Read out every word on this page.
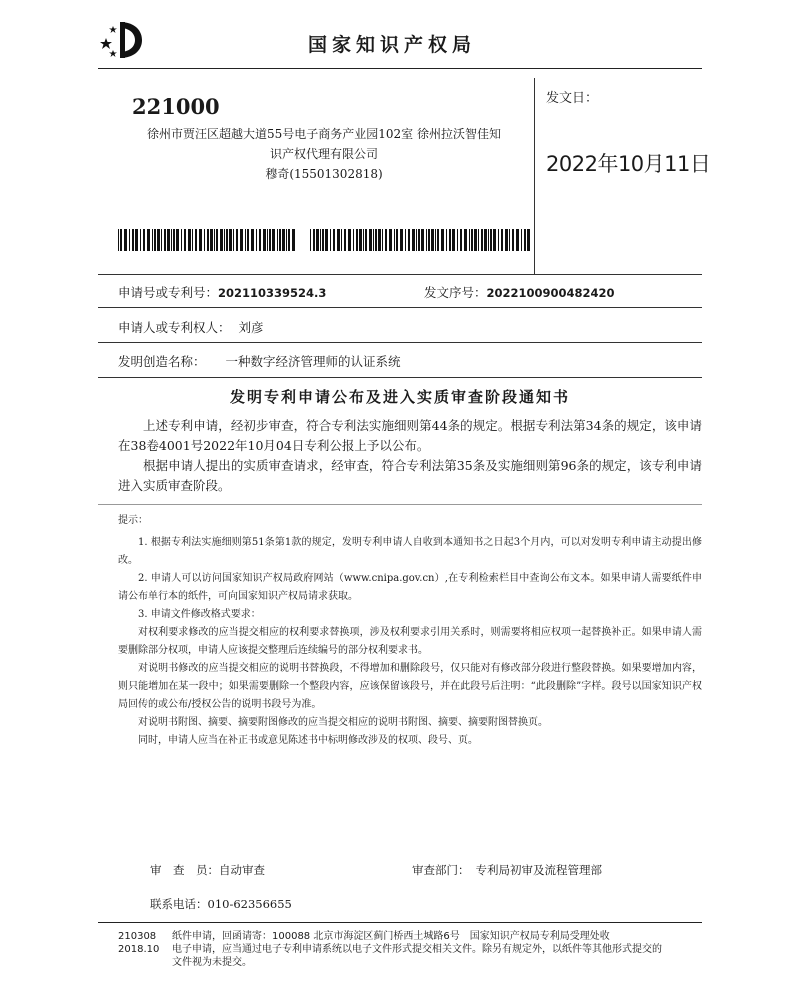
国家知识产权局
221000
徐州市贾汪区超越大道55号电子商务产业园102室 徐州拉沃智佳知
识产权代理有限公司
穆奇(15501302818)
发文日：
2022年10月11日
申请号或专利号：202110339524.3	发文序号：2022100900482420
申请人或专利权人： 刘彦
发明创造名称： 一种数字经济管理师的认证系统
发明专利申请公布及进入实质审查阶段通知书
上述专利申请，经初步审查，符合专利法实施细则第44条的规定。根据专利法第34条的规定，该申请在38卷4001号2022年10月04日专利公报上予以公布。
根据申请人提出的实质审查请求，经审查，符合专利法第35条及实施细则第96条的规定，该专利申请进入实质审查阶段。

提示：

1. 根据专利法实施细则第51条第1款的规定，发明专利申请人自收到本通知书之日起3个月内，可以对发明专利申请主动提出修改。

2. 申请人可以访问国家知识产权局政府网站（www.cnipa.gov.cn）,在专利检索栏目中查询公布文本。如果申请人需要纸件申请公布单行本的纸件，可向国家知识产权局请求获取。

3. 申请文件修改格式要求：

对权利要求修改的应当提交相应的权利要求替换项，涉及权利要求引用关系时，则需要将相应权项一起替换补正。如果申请人需要删除部分权项，申请人应该提交整理后连续编号的部分权利要求书。

对说明书修改的应当提交相应的说明书替换段，不得增加和删除段号，仅只能对有修改部分段进行整段替换。如果要增加内容，则只能增加在某一段中；如果需要删除一个整段内容，应该保留该段号，并在此段号后注明：“此段删除”字样。段号以国家知识产权局回传的或公布/授权公告的说明书段号为准。

对说明书附图、摘要、摘要附图修改的应当提交相应的说明书附图、摘要、摘要附图替换页。

同时，申请人应当在补正书或意见陈述书中标明修改涉及的权项、段号、页。

审　查　员：自动审查	审查部门： 专利局初审及流程管理部
联系电话：010-62356655
210308
2018.10
纸件申请，回函请寄：100088 北京市海淀区蓟门桥西土城路6号　国家知识产权局专利局受理处收
电子申请，应当通过电子专利申请系统以电子文件形式提交相关文件。除另有规定外，以纸件等其他形式提交的
文件视为未提交。
